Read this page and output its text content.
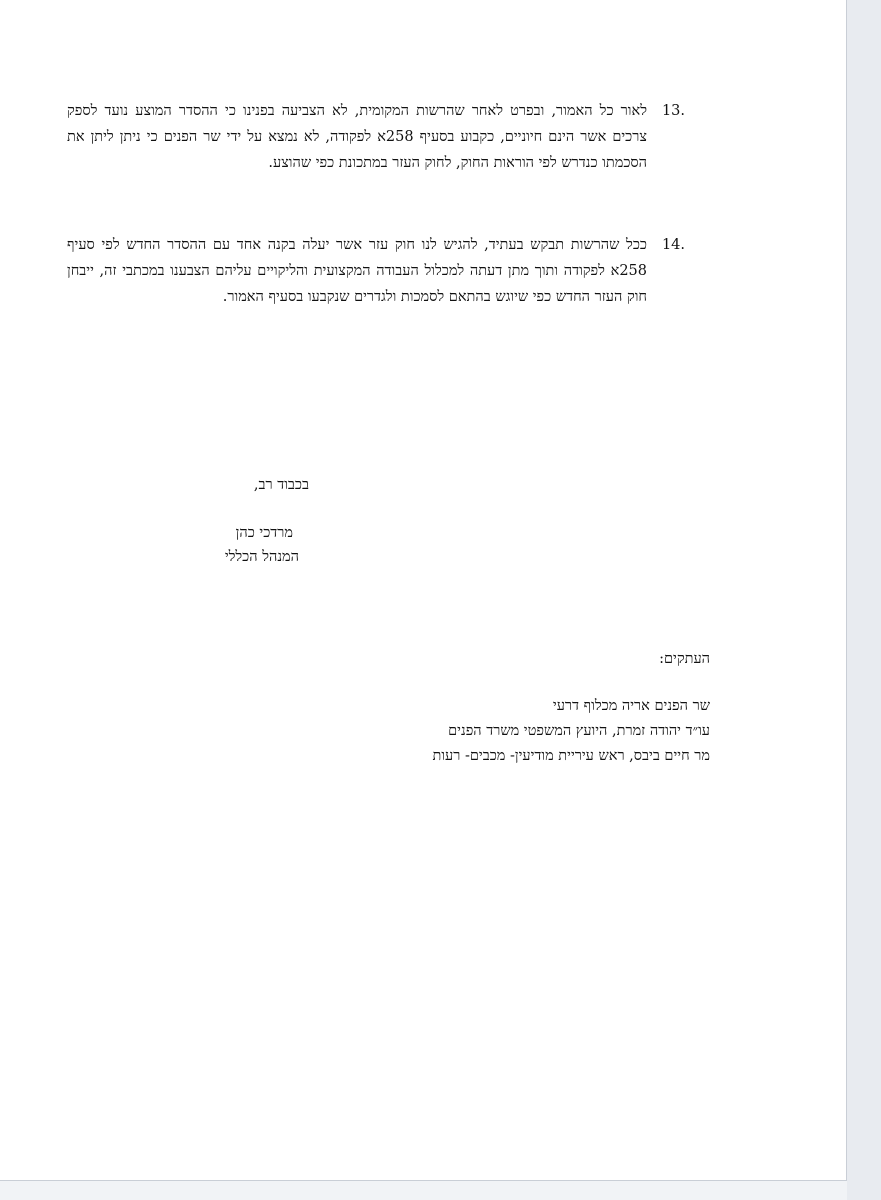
13.
לאור כל האמור, ובפרט לאחר שהרשות המקומית, לא הצביעה בפנינו כי ההסדר המוצע נועד לספק צרכים אשר הינם חיוניים, כקבוע בסעיף 258א לפקודה, לא נמצא על ידי שר הפנים כי ניתן ליתן את הסכמתו כנדרש לפי הוראות החוק, לחוק העזר במתכונת כפי שהוצע.
14.
ככל שהרשות תבקש בעתיד, להגיש לנו חוק עזר אשר יעלה בקנה אחד עם ההסדר החדש לפי סעיף 258א לפקודה ותוך מתן דעתה למכלול העבודה המקצועית והליקויים עליהם הצבענו במכתבי זה, ייבחן חוק העזר החדש כפי שיוגש בהתאם לסמכות ולגדרים שנקבעו בסעיף האמור.
בכבוד רב,
מרדכי כהן
המנהל הכללי
העתקים:
שר הפנים אריה מכלוף דרעי
עו״ד יהודה זמרת, היועץ המשפטי משרד הפנים
מר חיים ביבס, ראש עיריית מודיעין- מכבים- רעות
